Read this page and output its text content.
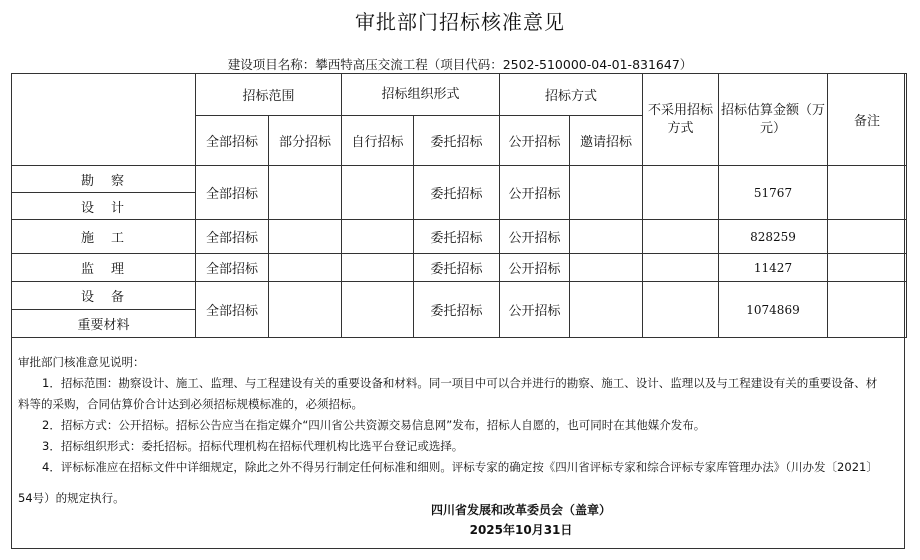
审批部门招标核准意见
建设项目名称：攀西特高压交流工程（项目代码：2502-510000-04-01-831647）
	招标范围		招标组织形式		招标方式		不采用招标方式	招标估算金额（万元）	备注
	全部招标	部分招标	自行招标	委托招标	公开招标	邀请招标			
勘　察	全部招标			委托招标	公开招标			51767	
设　计									
施　工	全部招标			委托招标	公开招标			828259	
监　理	全部招标			委托招标	公开招标			11427	
设　备	全部招标			委托招标	公开招标			1074869	
重要材料									

审批部门核准意见说明：

1．招标范围：勘察设计、施工、监理、与工程建设有关的重要设备和材料。同一项目中可以合并进行的勘察、施工、设计、监理以及与工程建设有关的重要设备、材

料等的采购，合同估算价合计达到必须招标规模标准的，必须招标。

2．招标方式：公开招标。招标公告应当在指定媒介“四川省公共资源交易信息网”发布，招标人自愿的，也可同时在其他媒介发布。

3．招标组织形式：委托招标。招标代理机构在招标代理机构比选平台登记或选择。

4．评标标准应在招标文件中详细规定，除此之外不得另行制定任何标准和细则。评标专家的确定按《四川省评标专家和综合评标专家库管理办法》（川办发〔2021〕

54号）的规定执行。

四川省发展和改革委员会（盖章）
2025年10月31日
